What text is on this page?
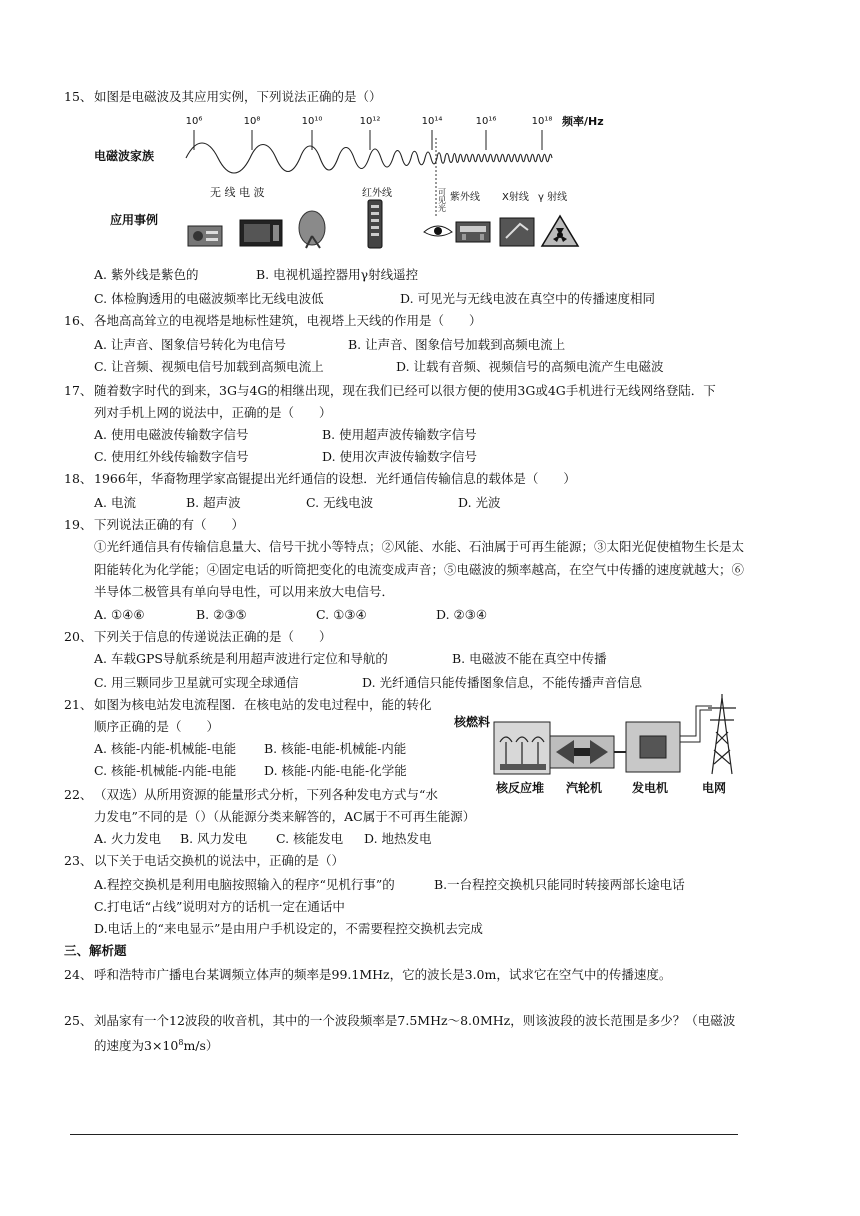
15、 如图是电磁波及其应用实例，下列说法正确的是（）
10⁶	10⁸	10¹⁰	10¹²	10¹⁴	10¹⁶	10¹⁸ 频率/Hz
电磁波家族
无 线 电 波	红外线	可见光 紫外线 X射线 γ 射线
应用事例
A. 紫外线是紫色的	B. 电视机遥控器用γ射线遥控
C. 体检胸透用的电磁波频率比无线电波低	D. 可见光与无线电波在真空中的传播速度相同
16、 各地高高耸立的电视塔是地标性建筑，电视塔上天线的作用是（　　）
A. 让声音、图象信号转化为电信号	B. 让声音、图象信号加载到高频电流上
C. 让音频、视频电信号加载到高频电流上	D. 让载有音频、视频信号的高频电流产生电磁波
17、 随着数字时代的到来，3G与4G的相继出现，现在我们已经可以很方便的使用3G或4G手机进行无线网络登陆．下
列对手机上网的说法中，正确的是（　　）
A. 使用电磁波传输数字信号	B. 使用超声波传输数字信号
C. 使用红外线传输数字信号	D. 使用次声波传输数字信号
18、 1966年，华裔物理学家高锟提出光纤通信的设想．光纤通信传输信息的载体是（　　）
A. 电流	B. 超声波	C. 无线电波	D. 光波
19、 下列说法正确的有（　　）
①光纤通信具有传输信息量大、信号干扰小等特点；②风能、水能、石油属于可再生能源；③太阳光促使植物生长是太阳能转化为化学能；④固定电话的听筒把变化的电流变成声音；⑤电磁波的频率越高，在空气中传播的速度就越大；⑥半导体二极管具有单向导电性，可以用来放大电信号．
A. ①④⑥	B. ②③⑤	C. ①③④	D. ②③④
20、 下列关于信息的传递说法正确的是（　　）
A. 车载GPS导航系统是利用超声波进行定位和导航的	B. 电磁波不能在真空中传播
C. 用三颗同步卫星就可实现全球通信	D. 光纤通信只能传播图象信息，不能传播声音信息
21、 如图为核电站发电流程图．在核电站的发电过程中，能的转化
顺序正确的是（　　）
A. 核能-内能-机械能-电能 B. 核能-电能-机械能-内能
C. 核能-机械能-内能-电能 D. 核能-内能-电能-化学能
核燃料
核反应堆 汽轮机 发电机	电网
22、 （双选）从所用资源的能量形式分析，下列各种发电方式与“水
力发电”不同的是（）（从能源分类来解答的，AC属于不可再生能源）
A. 火力发电 B. 风力发电 C. 核能发电 D. 地热发电
23、 以下关于电话交换机的说法中，正确的是（）
A.程控交换机是利用电脑按照输入的程序“见机行事”的	B.一台程控交换机只能同时转接两部长途电话
C.打电话“占线”说明对方的话机一定在通话中
D.电话上的“来电显示”是由用户手机设定的，不需要程控交换机去完成
三、解析题
24、 呼和浩特市广播电台某调频立体声的频率是99.1MHz，它的波长是3.0m，试求它在空气中的传播速度。
25、 刘晶家有一个12波段的收音机，其中的一个波段频率是7.5MHz～8.0MHz，则该波段的波长范围是多少？（电磁波
的速度为$3\times 10^8m/s$）
